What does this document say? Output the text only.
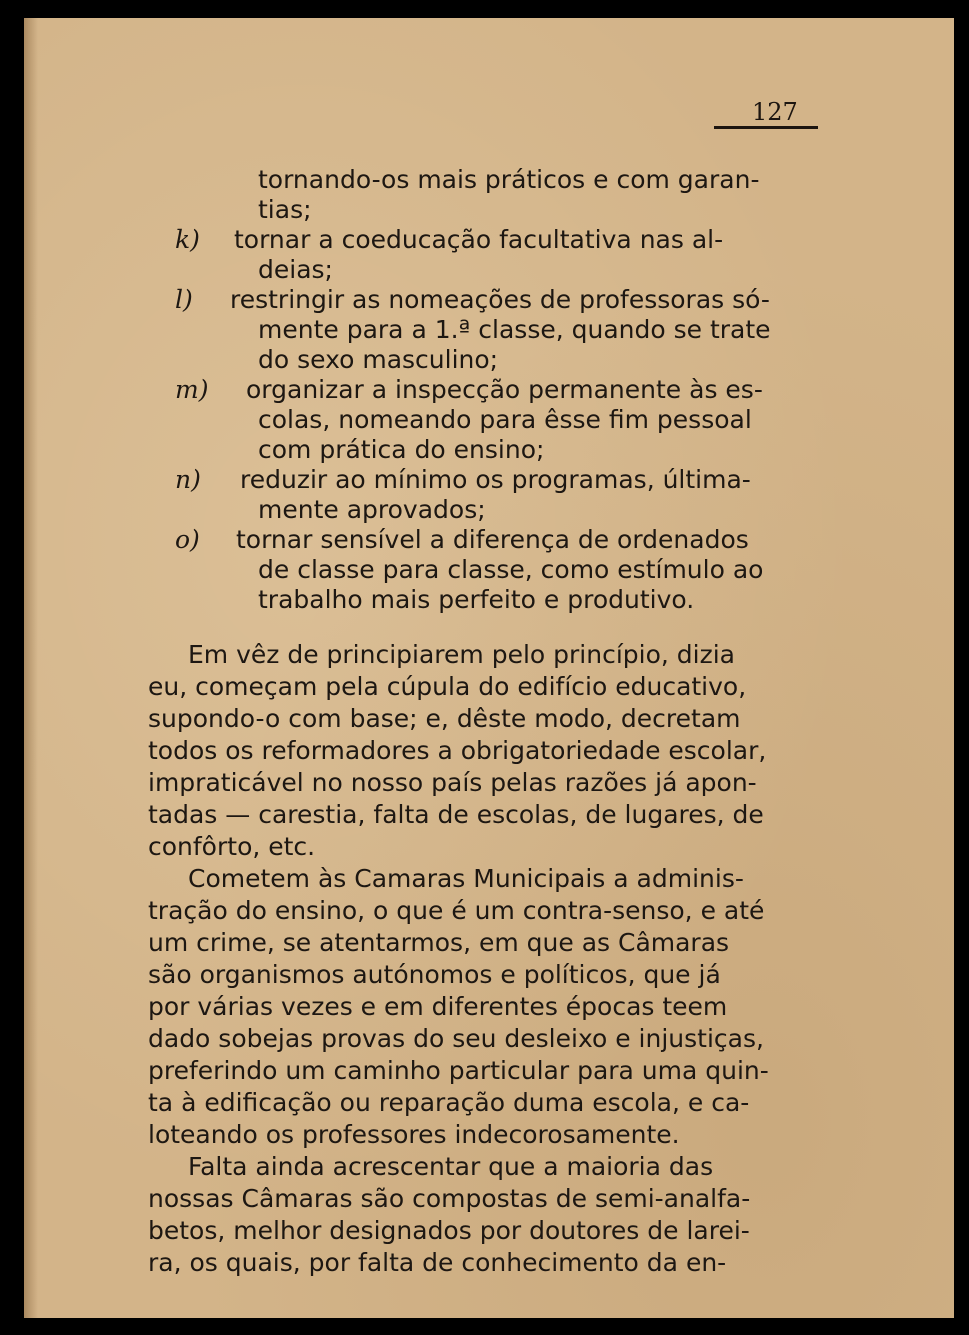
127
tornando-os mais práticos e com garan-
tias;
k) tornar a coeducação facultativa nas al-
deias;
l) restringir as nomeações de professoras só-
mente para a 1.ª classe, quando se trate
do sexo masculino;
m) organizar a inspecção permanente às es-
colas, nomeando para êsse fim pessoal
com prática do ensino;
n) reduzir ao mínimo os programas, última-
mente aprovados;
o) tornar sensível a diferença de ordenados
de classe para classe, como estímulo ao
trabalho mais perfeito e produtivo.
Em vêz de principiarem pelo princípio, dizia
eu, começam pela cúpula do edifício educativo,
supondo-o com base; e, dêste modo, decretam
todos os reformadores a obrigatoriedade escolar,
impraticável no nosso país pelas razões já apon-
tadas — carestia, falta de escolas, de lugares, de
confôrto, etc.
Cometem às Camaras Municipais a adminis-
tração do ensino, o que é um contra-senso, e até
um crime, se atentarmos, em que as Câmaras
são organismos autónomos e políticos, que já
por várias vezes e em diferentes épocas teem
dado sobejas provas do seu desleixo e injustiças,
preferindo um caminho particular para uma quin-
ta à edificação ou reparação duma escola, e ca-
loteando os professores indecorosamente.
Falta ainda acrescentar que a maioria das
nossas Câmaras são compostas de semi-analfa-
betos, melhor designados por doutores de larei-
ra, os quais, por falta de conhecimento da en-
